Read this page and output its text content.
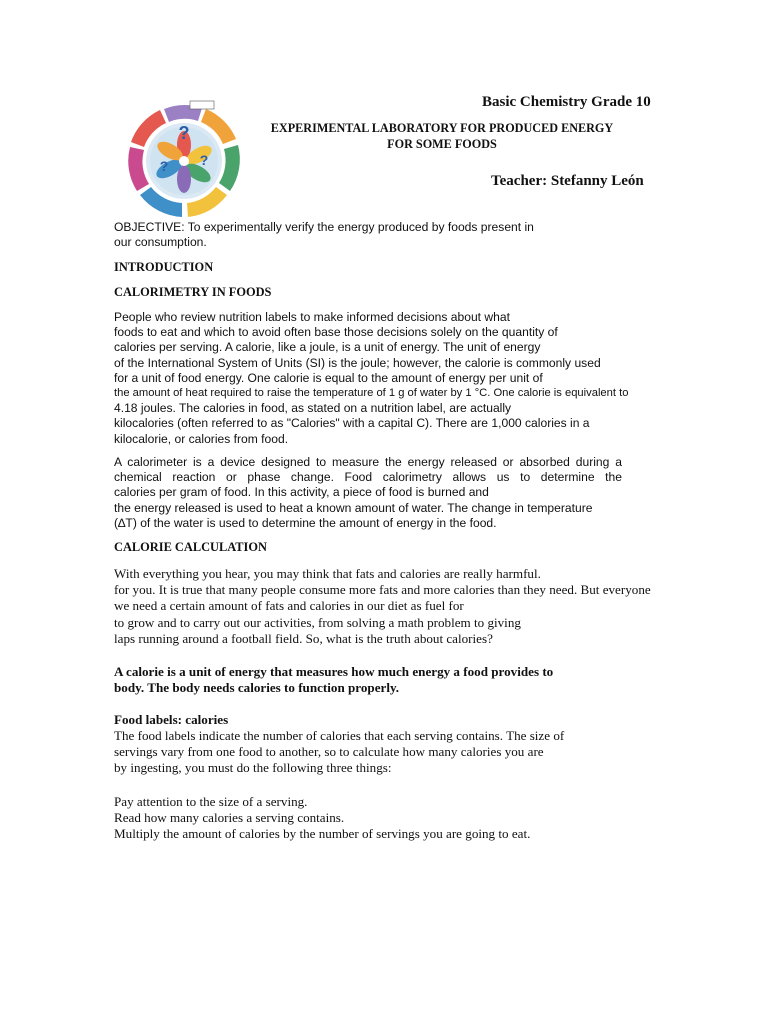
?
?
?
Basic Chemistry Grade 10
EXPERIMENTAL LABORATORY FOR PRODUCED ENERGY
FOR SOME FOODS
Teacher: Stefanny León
OBJECTIVE: To experimentally verify the energy produced by foods present in
our consumption.
INTRODUCTION
CALORIMETRY IN FOODS
People who review nutrition labels to make informed decisions about what
foods to eat and which to avoid often base those decisions solely on the quantity of
calories per serving. A calorie, like a joule, is a unit of energy. The unit of energy
of the International System of Units (SI) is the joule; however, the calorie is commonly used
for a unit of food energy. One calorie is equal to the amount of energy per unit of
the amount of heat required to raise the temperature of 1 g of water by 1 °C. One calorie is equivalent to
4.18 joules. The calories in food, as stated on a nutrition label, are actually
kilocalories (often referred to as "Calories" with a capital C). There are 1,000 calories in a
kilocalorie, or calories from food.
A calorimeter is a device designed to measure the energy released or absorbed during a
chemical reaction or phase change. Food calorimetry allows us to determine the
calories per gram of food. In this activity, a piece of food is burned and
the energy released is used to heat a known amount of water. The change in temperature
(∆T) of the water is used to determine the amount of energy in the food.
CALORIE CALCULATION
With everything you hear, you may think that fats and calories are really harmful.
for you. It is true that many people consume more fats and more calories than they need. But everyone
we need a certain amount of fats and calories in our diet as fuel for
to grow and to carry out our activities, from solving a math problem to giving
laps running around a football field. So, what is the truth about calories?
A calorie is a unit of energy that measures how much energy a food provides to
body. The body needs calories to function properly.
Food labels: calories
The food labels indicate the number of calories that each serving contains. The size of
servings vary from one food to another, so to calculate how many calories you are
by ingesting, you must do the following three things:
Pay attention to the size of a serving.
Read how many calories a serving contains.
Multiply the amount of calories by the number of servings you are going to eat.
